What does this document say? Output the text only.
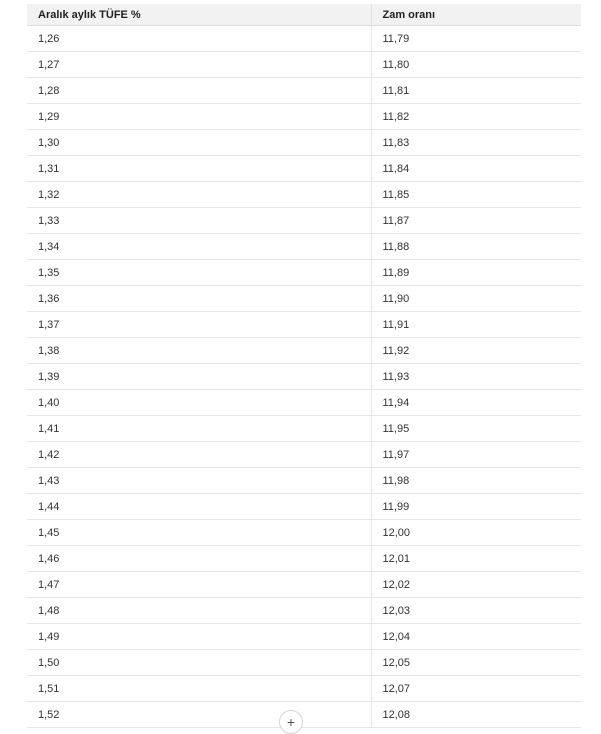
Aralık aylık TÜFE %	Zam oranı
1,26	11,79
1,27	11,80
1,28	11,81
1,29	11,82
1,30	11,83
1,31	11,84
1,32	11,85
1,33	11,87
1,34	11,88
1,35	11,89
1,36	11,90
1,37	11,91
1,38	11,92
1,39	11,93
1,40	11,94
1,41	11,95
1,42	11,97
1,43	11,98
1,44	11,99
1,45	12,00
1,46	12,01
1,47	12,02
1,48	12,03
1,49	12,04
1,50	12,05
1,51	12,07
1,52	12,08
+
